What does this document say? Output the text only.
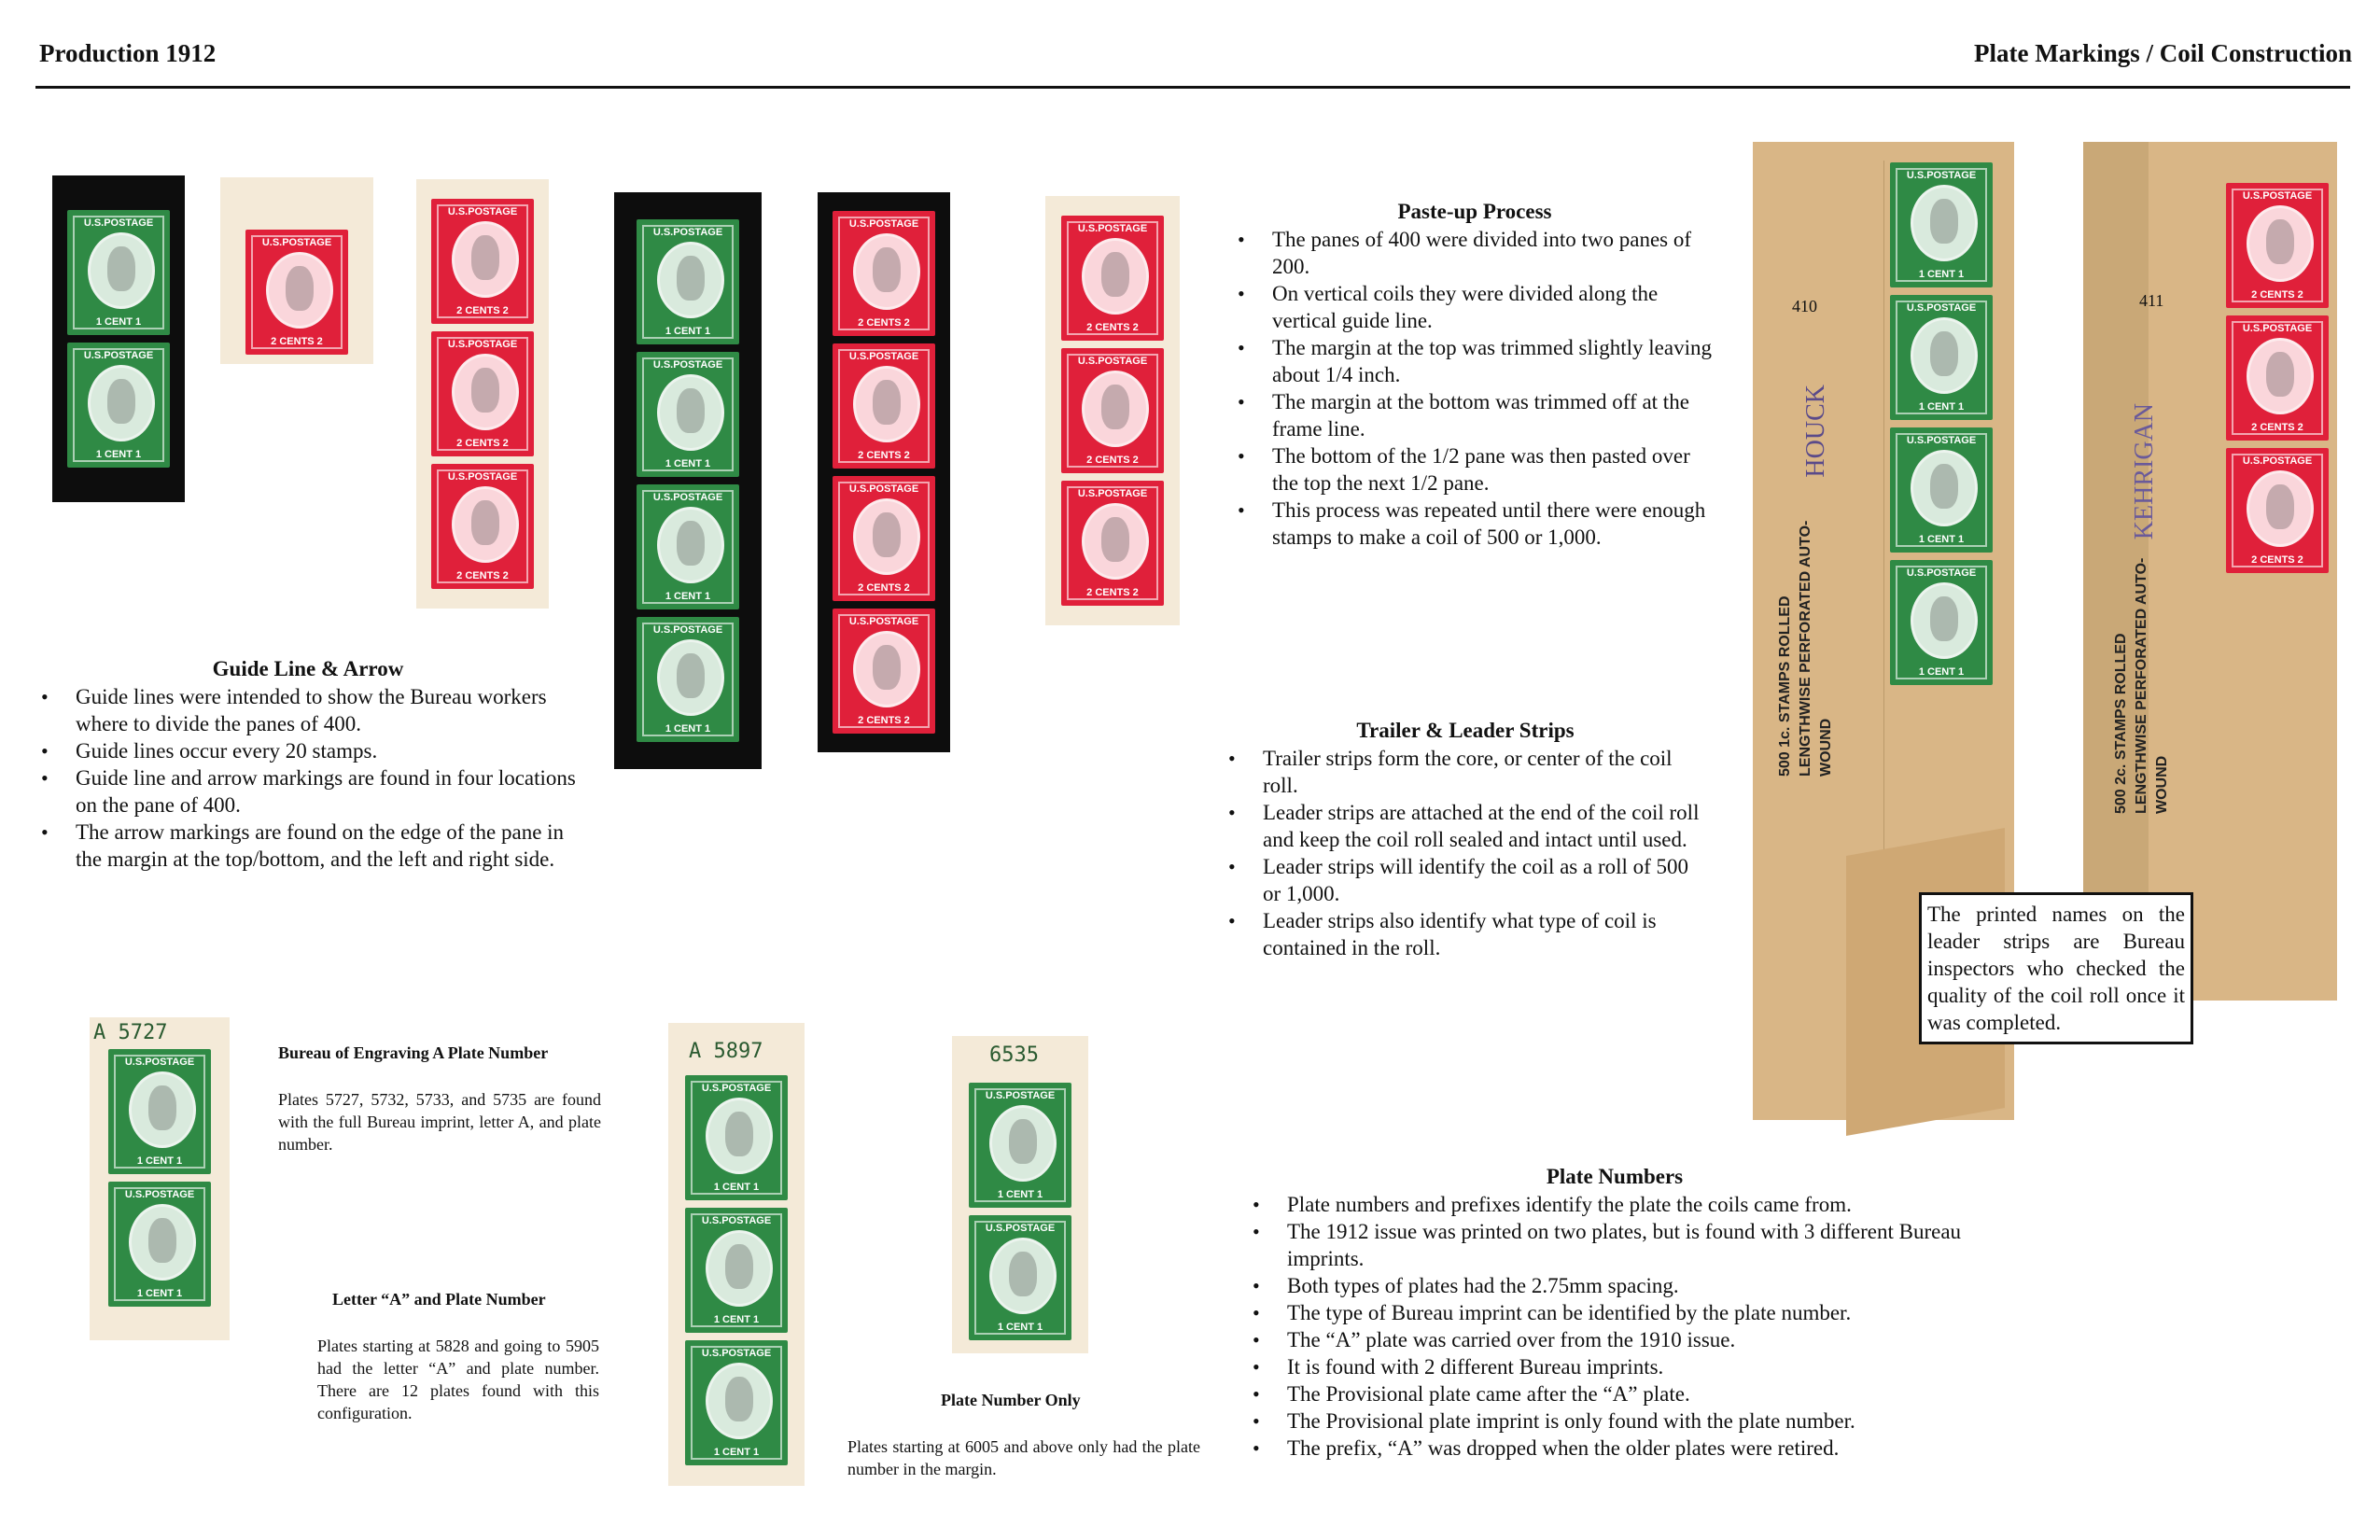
Production 1912	Plate Markings / Coil Construction
U.S.POSTAGE
1 CENT 1
U.S.POSTAGE
1 CENT 1
U.S.POSTAGE
2 CENTS 2
U.S.POSTAGE
2 CENTS 2
U.S.POSTAGE
2 CENTS 2
U.S.POSTAGE
2 CENTS 2
U.S.POSTAGE
1 CENT 1
U.S.POSTAGE
1 CENT 1
U.S.POSTAGE
1 CENT 1
U.S.POSTAGE
1 CENT 1
U.S.POSTAGE
2 CENTS 2
U.S.POSTAGE
2 CENTS 2
U.S.POSTAGE
2 CENTS 2
U.S.POSTAGE
2 CENTS 2
U.S.POSTAGE
2 CENTS 2
U.S.POSTAGE
2 CENTS 2
U.S.POSTAGE
2 CENTS 2
Guide Line & Arrow
• Guide lines were intended to show the Bureau workers where to divide the panes of 400.
• Guide lines occur every 20 stamps.
• Guide line and arrow markings are found in four locations on the pane of 400.
• The arrow markings are found on the edge of the pane in the margin at the top/bottom, and the left and right side.
Paste-up Process
• The panes of 400 were divided into two panes of 200.
• On vertical coils they were divided along the vertical guide line.
• The margin at the top was trimmed slightly leaving about 1/4 inch.
• The margin at the bottom was trimmed off at the frame line.
• The bottom of the 1/2 pane was then pasted over the top the next 1/2 pane.
• This process was repeated until there were enough stamps to make a coil of 500 or 1,000.
Trailer & Leader Strips
• Trailer strips form the core, or center of the coil roll.
• Leader strips are attached at the end of the coil roll and keep the coil roll sealed and intact until used.
• Leader strips will identify the coil as a roll of 500 or 1,000.
• Leader strips also identify what type of coil is contained in the roll.
U.S.POSTAGE
1 CENT 1
U.S.POSTAGE
1 CENT 1
U.S.POSTAGE
1 CENT 1
U.S.POSTAGE
1 CENT 1
410
HOUCK
500 1c. STAMPS ROLLED LENGTHWISE PERFORATED AUTO-WOUND
U.S.POSTAGE
2 CENTS 2
U.S.POSTAGE
2 CENTS 2
U.S.POSTAGE
2 CENTS 2
411
KEHRIGAN
500 2c. STAMPS ROLLED LENGTHWISE PERFORATED AUTO-WOUND
The printed names on the leader strips are Bureau inspectors who checked the quality of the coil roll once it was completed.
A 5727
U.S.POSTAGE
1 CENT 1
U.S.POSTAGE
1 CENT 1
A 5897
U.S.POSTAGE
1 CENT 1
U.S.POSTAGE
1 CENT 1
U.S.POSTAGE
1 CENT 1
6535
U.S.POSTAGE
1 CENT 1
U.S.POSTAGE
1 CENT 1
Bureau of Engraving A Plate Number
Plates 5727, 5732, 5733, and 5735 are found with the full Bureau imprint, letter A, and plate number.
Letter “A” and Plate Number
Plates starting at 5828 and going to 5905 had the letter “A” and plate number. There are 12 plates found with this configuration.
Plate Number Only
Plates starting at 6005 and above only had the plate number in the margin.
Plate Numbers
• Plate numbers and prefixes identify the plate the coils came from.
• The 1912 issue was printed on two plates, but is found with 3 different Bureau imprints.
• Both types of plates had the 2.75mm spacing.
• The type of Bureau imprint can be identified by the plate number.
• The “A” plate was carried over from the 1910 issue.
• It is found with 2 different Bureau imprints.
• The Provisional plate came after the “A” plate.
• The Provisional plate imprint is only found with the plate number.
• The prefix, “A” was dropped when the older plates were retired.
